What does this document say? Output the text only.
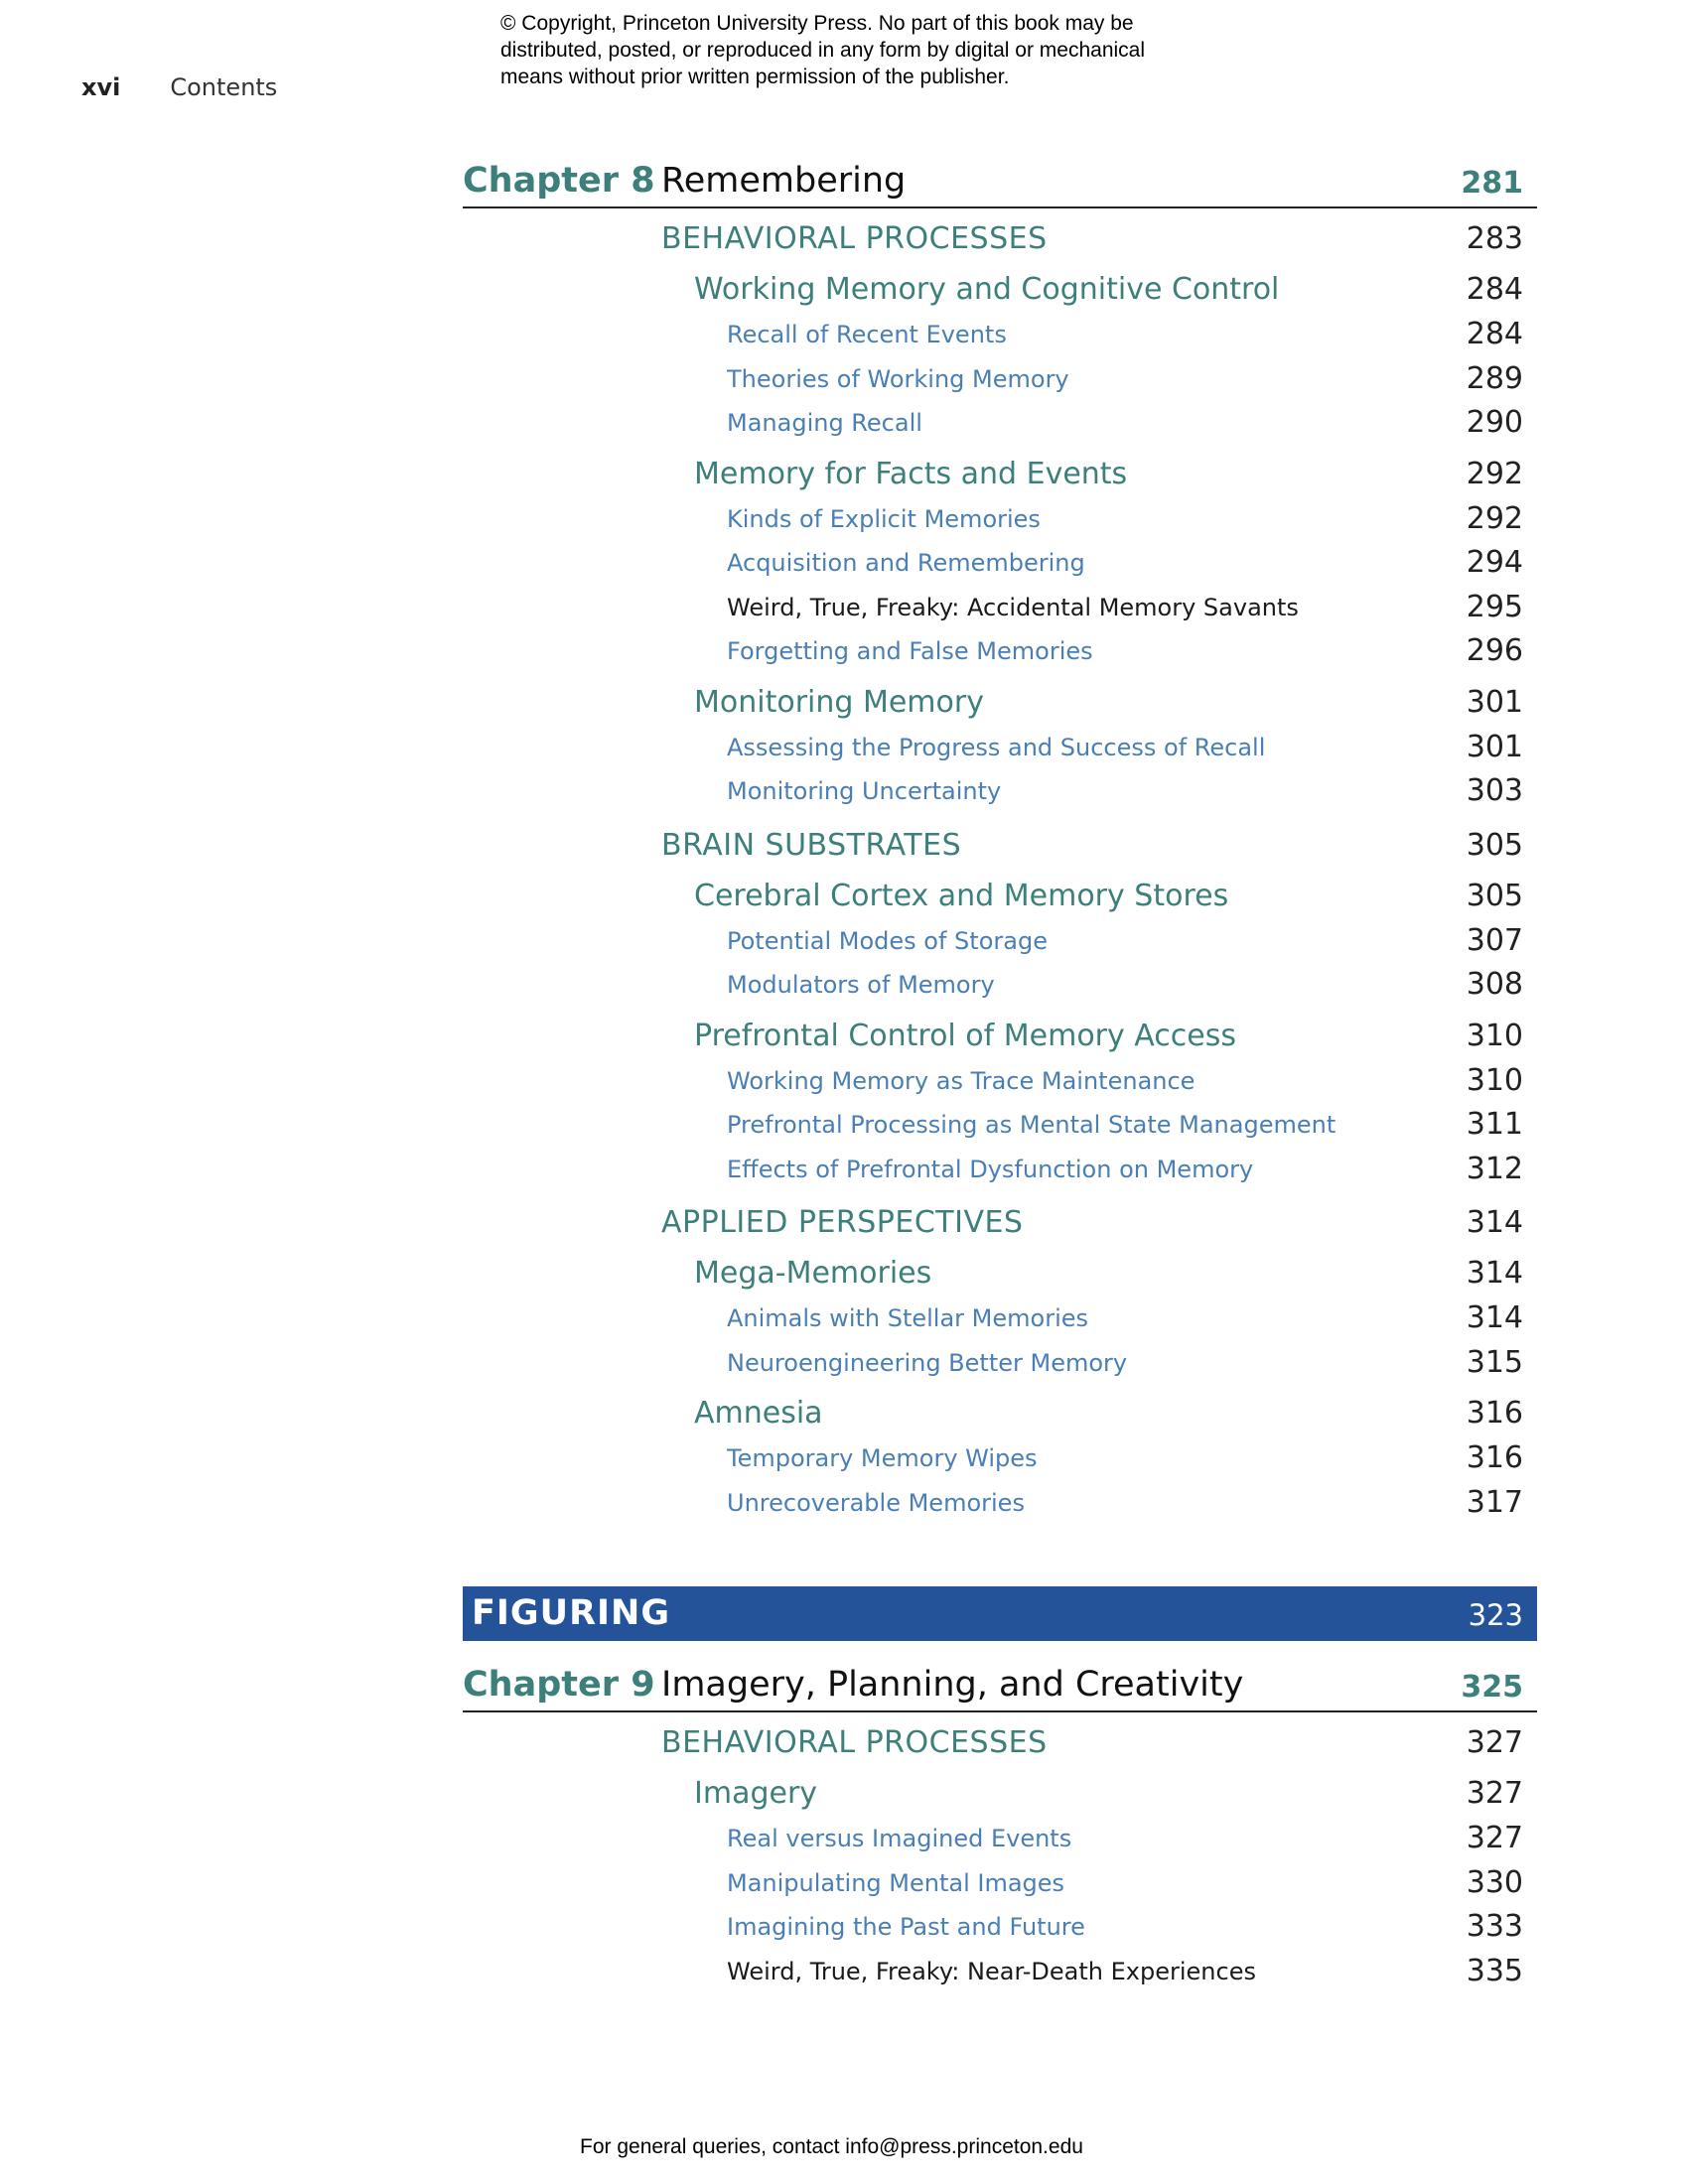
© Copyright, Princeton University Press. No part of this book may be
distributed, posted, or reproduced in any form by digital or mechanical
means without prior written permission of the publisher.
xvi Contents
Chapter 8 Remembering	281
BEHAVIORAL PROCESSES	283
Working Memory and Cognitive Control	284
Recall of Recent Events	284
Theories of Working Memory	289
Managing Recall	290
Memory for Facts and Events	292
Kinds of Explicit Memories	292
Acquisition and Remembering	294
Weird, True, Freaky: Accidental Memory Savants	295
Forgetting and False Memories	296
Monitoring Memory	301
Assessing the Progress and Success of Recall	301
Monitoring Uncertainty	303
BRAIN SUBSTRATES	305
Cerebral Cortex and Memory Stores	305
Potential Modes of Storage	307
Modulators of Memory	308
Prefrontal Control of Memory Access	310
Working Memory as Trace Maintenance	310
Prefrontal Processing as Mental State Management	311
Effects of Prefrontal Dysfunction on Memory	312
APPLIED PERSPECTIVES	314
Mega-Memories	314
Animals with Stellar Memories	314
Neuroengineering Better Memory	315
Amnesia	316
Temporary Memory Wipes	316
Unrecoverable Memories	317
FIGURING	323
Chapter 9 Imagery, Planning, and Creativity	325
BEHAVIORAL PROCESSES	327
Imagery	327
Real versus Imagined Events	327
Manipulating Mental Images	330
Imagining the Past and Future	333
Weird, True, Freaky: Near-Death Experiences	335
For general queries, contact info@press.princeton.edu
